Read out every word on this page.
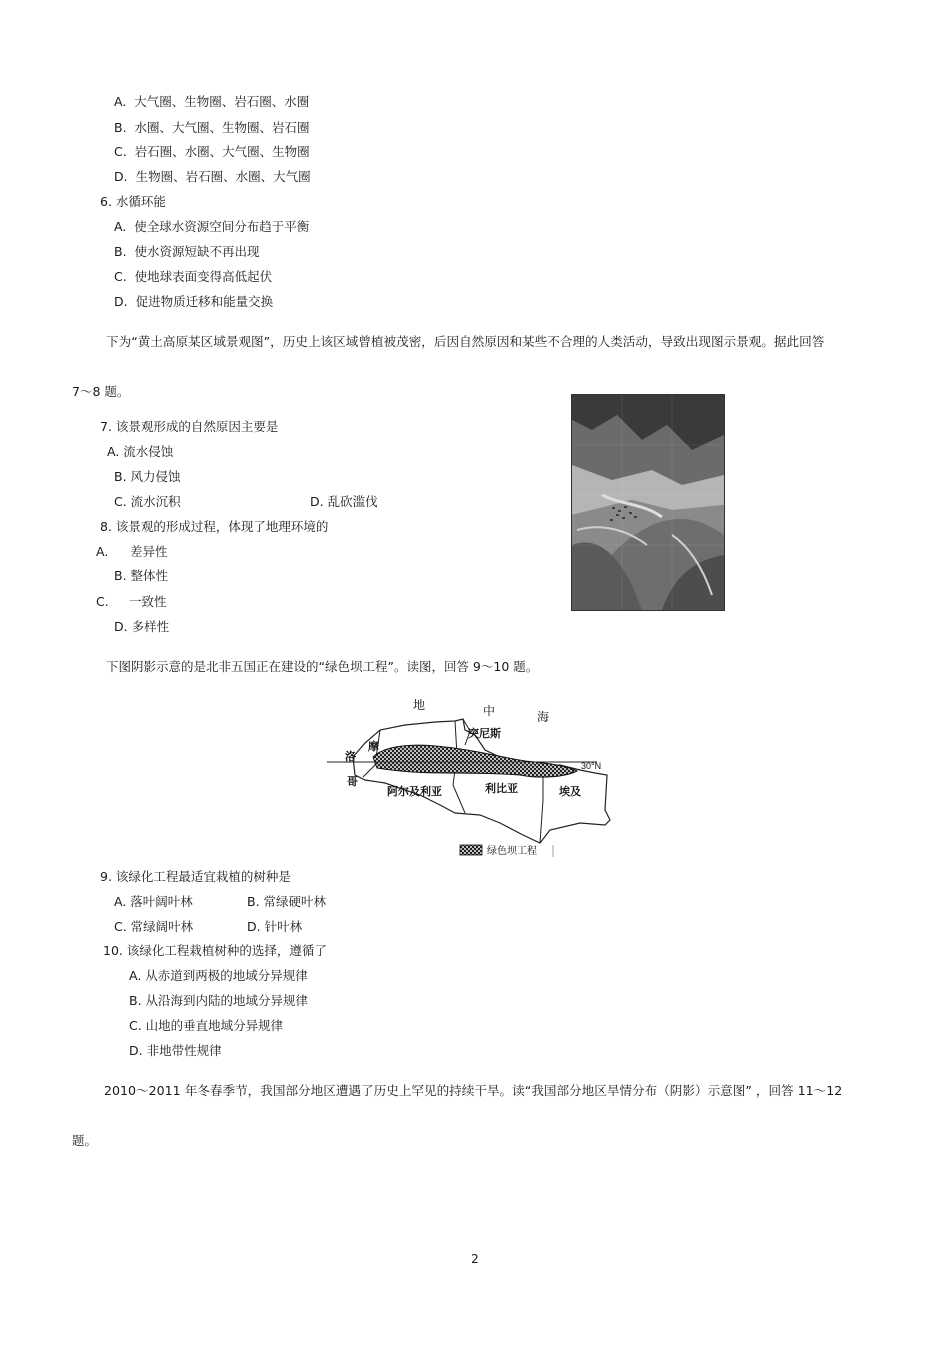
A. 大气圈、生物圈、岩石圈、水圈
B. 水圈、大气圈、生物圈、岩石圈
C. 岩石圈、水圈、大气圈、生物圈
D. 生物圈、岩石圈、水圈、大气圈
6. 水循环能
A. 使全球水资源空间分布趋于平衡
B. 使水资源短缺不再出现
C. 使地球表面变得高低起伏
D. 促进物质迁移和能量交换
下为“黄土高原某区域景观图”，历史上该区域曾植被茂密，后因自然原因和某些不合理的人类活动，导致出现图示景观。据此回答
7～8 题。
7. 该景观形成的自然原因主要是
A. 流水侵蚀
B. 风力侵蚀
C. 流水沉积	D. 乱砍滥伐
8. 该景观的形成过程，体现了地理环境的
A. 差异性
B. 整体性
C. 一致性
D. 多样性
下图阴影示意的是北非五国正在建设的“绿色坝工程”。读图，回答 9～10 题。
地	中	海
突尼斯
摩
洛
哥
阿尔及利亚	利比亚	埃及
30°N
绿色坝工程
9. 该绿化工程最适宜栽植的树种是
A. 落叶阔叶林	B. 常绿硬叶林
C. 常绿阔叶林	D. 针叶林
10. 该绿化工程栽植树种的选择，遵循了
A. 从赤道到两极的地域分异规律
B. 从沿海到内陆的地域分异规律
C. 山地的垂直地域分异规律
D. 非地带性规律
2010～2011 年冬春季节，我国部分地区遭遇了历史上罕见的持续干旱。读“我国部分地区旱情分布（阴影）示意图” ，回答 11～12
题。
2
